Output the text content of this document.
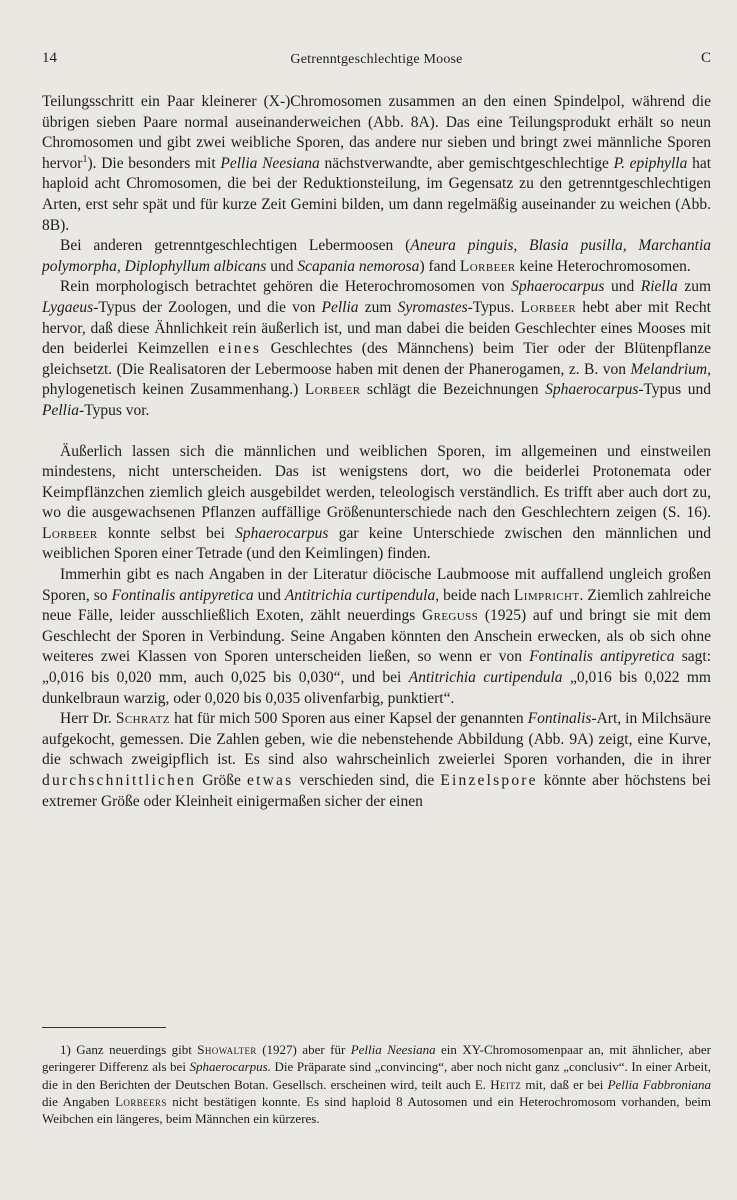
14	Getrenntgeschlechtige Moose	C

Teilungsschritt ein Paar kleinerer (X-)Chromosomen zusammen an den einen Spindelpol, während die übrigen sieben Paare normal auseinanderweichen (Abb. 8A). Das eine Teilungsprodukt erhält so neun Chromosomen und gibt zwei weibliche Sporen, das andere nur sieben und bringt zwei männliche Sporen hervor$^1$). Die besonders mit Pellia Neesiana nächstverwandte, aber gemischtgeschlechtige P. epiphylla hat haploid acht Chromosomen, die bei der Reduktionsteilung, im Gegensatz zu den getrenntgeschlechtigen Arten, erst sehr spät und für kurze Zeit Gemini bilden, um dann regelmäßig auseinander zu weichen (Abb. 8B).

Bei anderen getrenntgeschlechtigen Lebermoosen (Aneura pinguis, Blasia pusilla, Marchantia polymorpha, Diplophyllum albicans und Scapania nemorosa) fand Lorbeer keine Heterochromosomen.

Rein morphologisch betrachtet gehören die Heterochromosomen von Sphaerocarpus und Riella zum Lygaeus-Typus der Zoologen, und die von Pellia zum Syromastes-Typus. Lorbeer hebt aber mit Recht hervor, daß diese Ähnlichkeit rein äußerlich ist, und man dabei die beiden Geschlechter eines Mooses mit den beiderlei Keimzellen eines Geschlechtes (des Männchens) beim Tier oder der Blütenpflanze gleichsetzt. (Die Realisatoren der Lebermoose haben mit denen der Phanerogamen, z. B. von Melandrium, phylogenetisch keinen Zusammenhang.) Lorbeer schlägt die Bezeichnungen Sphaerocarpus-Typus und Pellia-Typus vor.

Äußerlich lassen sich die männlichen und weiblichen Sporen, im allgemeinen und einstweilen mindestens, nicht unterscheiden. Das ist wenigstens dort, wo die beiderlei Protonemata oder Keimpflänzchen ziemlich gleich ausgebildet werden, teleologisch verständlich. Es trifft aber auch dort zu, wo die ausgewachsenen Pflanzen auffällige Größenunterschiede nach den Geschlechtern zeigen (S. 16). Lorbeer konnte selbst bei Sphaerocarpus gar keine Unterschiede zwischen den männlichen und weiblichen Sporen einer Tetrade (und den Keimlingen) finden.

Immerhin gibt es nach Angaben in der Literatur diöcische Laubmoose mit auffallend ungleich großen Sporen, so Fontinalis antipyretica und Antitrichia curtipendula, beide nach Limpricht. Ziemlich zahlreiche neue Fälle, leider ausschließlich Exoten, zählt neuerdings Greguss (1925) auf und bringt sie mit dem Geschlecht der Sporen in Verbindung. Seine Angaben könnten den Anschein erwecken, als ob sich ohne weiteres zwei Klassen von Sporen unterscheiden ließen, so wenn er von Fontinalis antipyretica sagt: „0,016 bis 0,020 mm, auch 0,025 bis 0,030“, und bei Antitrichia curtipendula „0,016 bis 0,022 mm dunkelbraun warzig, oder 0,020 bis 0,035 olivenfarbig, punktiert“.

Herr Dr. Schratz hat für mich 500 Sporen aus einer Kapsel der genannten Fontinalis-Art, in Milchsäure aufgekocht, gemessen. Die Zahlen geben, wie die nebenstehende Abbildung (Abb. 9A) zeigt, eine Kurve, die schwach zweigipflich ist. Es sind also wahrscheinlich zweierlei Sporen vorhanden, die in ihrer durchschnittlichen Größe etwas verschieden sind, die Einzelspore könnte aber höchstens bei extremer Größe oder Kleinheit einigermaßen sicher der einen

1) Ganz neuerdings gibt Showalter (1927) aber für Pellia Neesiana ein XY-Chromosomenpaar an, mit ähnlicher, aber geringerer Differenz als bei Sphaerocarpus. Die Präparate sind „convincing“, aber noch nicht ganz „conclusiv“. In einer Arbeit, die in den Berichten der Deutschen Botan. Gesellsch. erscheinen wird, teilt auch E. Heitz mit, daß er bei Pellia Fabbroniana die Angaben Lorbeers nicht bestätigen konnte. Es sind haploid 8 Autosomen und ein Heterochromosom vorhanden, beim Weibchen ein längeres, beim Männchen ein kürzeres.
